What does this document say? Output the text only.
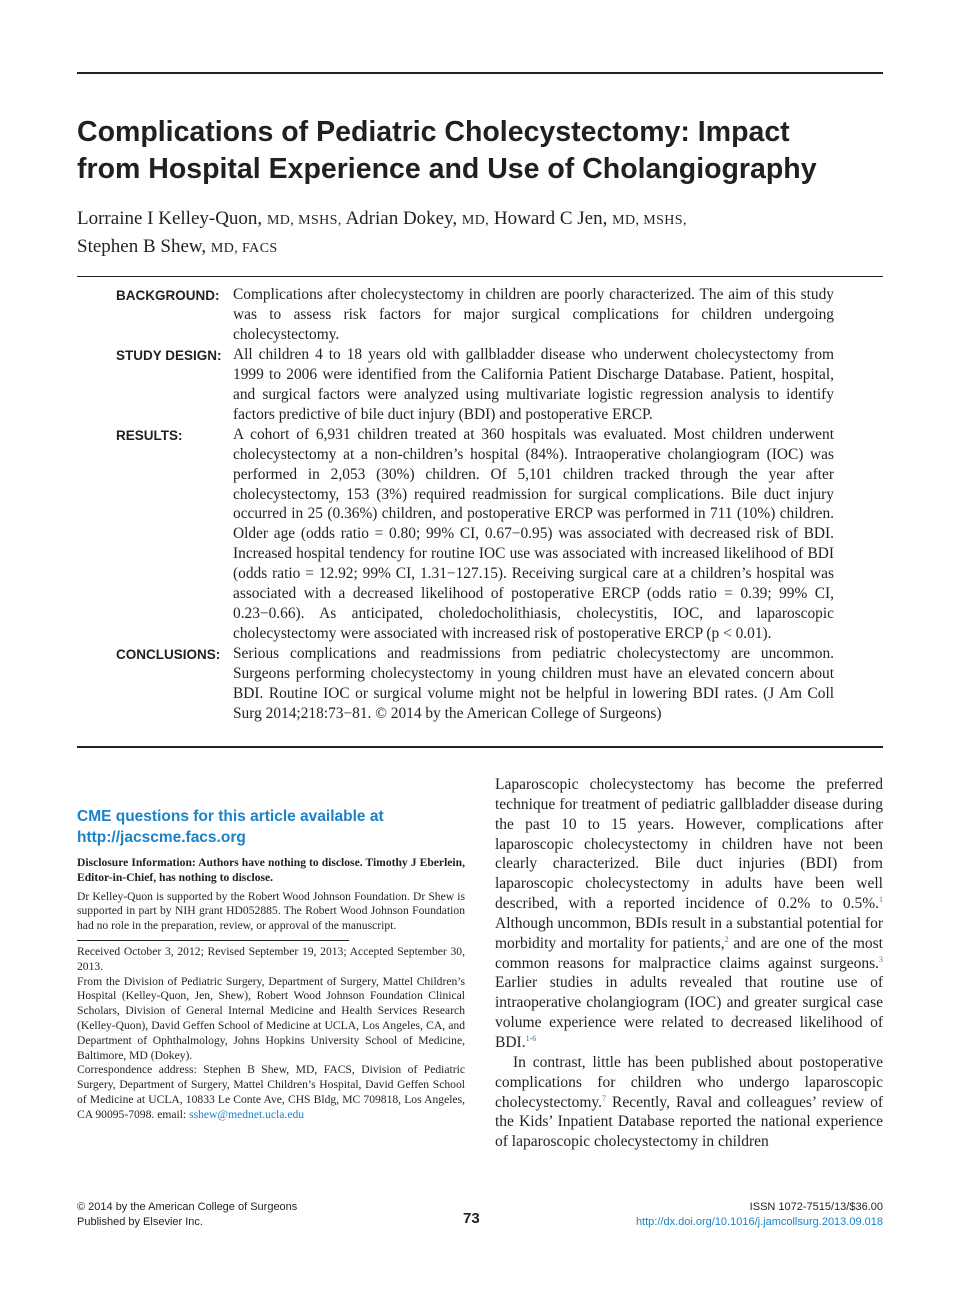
Complications of Pediatric Cholecystectomy: Impact
from Hospital Experience and Use of Cholangiography
Lorraine I Kelley-Quon, MD, MSHS, Adrian Dokey, MD, Howard C Jen, MD, MSHS,
Stephen B Shew, MD, FACS
BACKGROUND: Complications after cholecystectomy in children are poorly characterized. The aim of this study was to assess risk factors for major surgical complications for children undergoing cholecystectomy.
STUDY DESIGN: All children 4 to 18 years old with gallbladder disease who underwent cholecystectomy from 1999 to 2006 were identified from the California Patient Discharge Database. Patient, hospital, and surgical factors were analyzed using multivariate logistic regression analysis to identify factors predictive of bile duct injury (BDI) and postoperative ERCP.
RESULTS:	A cohort of 6,931 children treated at 360 hospitals was evaluated. Most children underwent cholecystectomy at a non-children’s hospital (84%). Intraoperative cholangiogram (IOC) was performed in 2,053 (30%) children. Of 5,101 children tracked through the year after cholecystectomy, 153 (3%) required readmission for surgical complications. Bile duct injury occurred in 25 (0.36%) children, and postoperative ERCP was performed in 711 (10%) children. Older age (odds ratio = 0.80; 99% CI, 0.67−0.95) was associated with decreased risk of BDI. Increased hospital tendency for routine IOC use was associated with increased likelihood of BDI (odds ratio = 12.92; 99% CI, 1.31−127.15). Receiving surgical care at a children’s hospital was associated with a decreased likelihood of postoperative ERCP (odds ratio = 0.39; 99% CI, 0.23−0.66). As anticipated, choledocholithiasis, cholecystitis, IOC, and laparoscopic cholecystectomy were associated with increased risk of postoperative ERCP (p < 0.01).
CONCLUSIONS: Serious complications and readmissions from pediatric cholecystectomy are uncommon. Surgeons performing cholecystectomy in young children must have an elevated concern about BDI. Routine IOC or surgical volume might not be helpful in lowering BDI rates. (J Am Coll Surg 2014;218:73−81. © 2014 by the American College of Surgeons)
CME questions for this article available at
http://jacscme.facs.org

Disclosure Information: Authors have nothing to disclose. Timothy J Eberlein, Editor-in-Chief, has nothing to disclose.

Dr Kelley-Quon is supported by the Robert Wood Johnson Foundation. Dr Shew is supported in part by NIH grant HD052885. The Robert Wood Johnson Foundation had no role in the preparation, review, or approval of the manuscript.

Received October 3, 2012; Revised September 19, 2013; Accepted September 30, 2013.

From the Division of Pediatric Surgery, Department of Surgery, Mattel Children’s Hospital (Kelley-Quon, Jen, Shew), Robert Wood Johnson Foundation Clinical Scholars, Division of General Internal Medicine and Health Services Research (Kelley-Quon), David Geffen School of Medicine at UCLA, Los Angeles, CA, and Department of Ophthalmology, Johns Hopkins University School of Medicine, Baltimore, MD (Dokey).

Correspondence address: Stephen B Shew, MD, FACS, Division of Pediatric Surgery, Department of Surgery, Mattel Children’s Hospital, David Geffen School of Medicine at UCLA, 10833 Le Conte Ave, CHS Bldg, MC 709818, Los Angeles, CA 90095-7098. email: sshew@mednet.ucla.edu

Laparoscopic cholecystectomy has become the preferred technique for treatment of pediatric gallbladder disease during the past 10 to 15 years. However, complications after laparoscopic cholecystectomy in children have not been clearly characterized. Bile duct injuries (BDI) from laparoscopic cholecystectomy in adults have been well described, with a reported incidence of 0.2% to 0.5%.$^1$ Although uncommon, BDIs result in a substantial potential for morbidity and mortality for patients,$^2$ and are one of the most common reasons for malpractice claims against surgeons.$^3$ Earlier studies in adults revealed that routine use of intraoperative cholangiogram (IOC) and greater surgical case volume experience were related to decreased likelihood of BDI.$^{1-6}$

In contrast, little has been published about postoperative complications for children who undergo laparoscopic cholecystectomy.$^7$ Recently, Raval and colleagues’ review of the Kids’ Inpatient Database reported the national experience of laparoscopic cholecystectomy in children

© 2014 by the American College of Surgeons
Published by Elsevier Inc.	73
ISSN 1072-7515/13/$36.00
http://dx.doi.org/10.1016/j.jamcollsurg.2013.09.018
